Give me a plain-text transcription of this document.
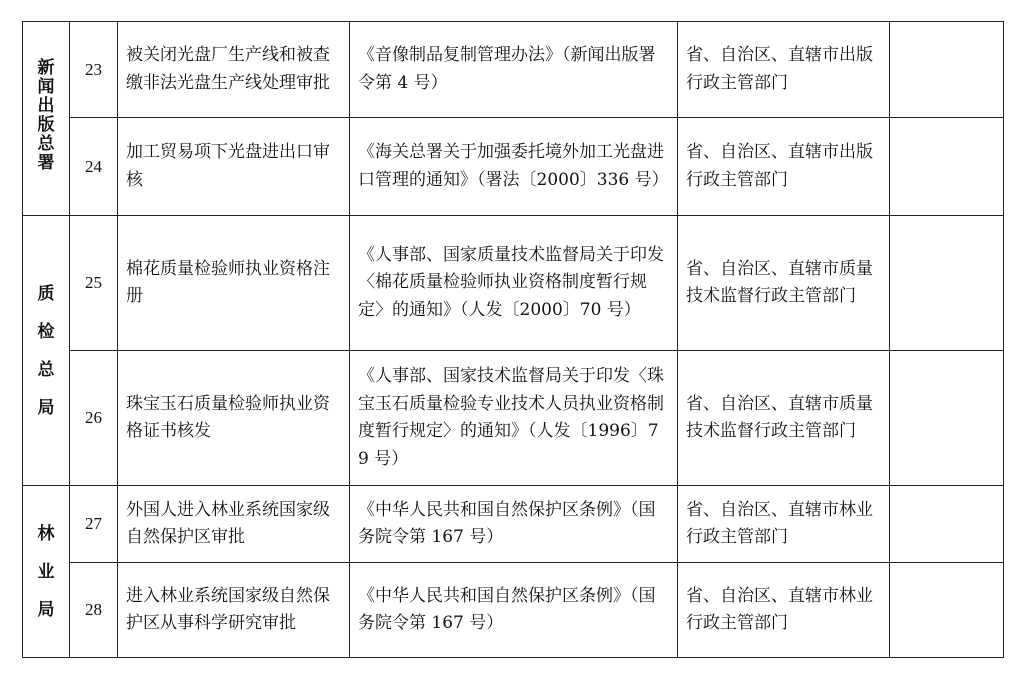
新闻出版总署	23	被关闭光盘厂生产线和被查缴非法光盘生产线处理审批	《音像制品复制管理办法》（新闻出版署令第 4 号）	省、自治区、直辖市出版行政主管部门	
	24	加工贸易项下光盘进出口审核	《海关总署关于加强委托境外加工光盘进口管理的通知》（署法〔2000〕336 号）	省、自治区、直辖市出版行政主管部门	
质检总局	25	棉花质量检验师执业资格注册	《人事部、国家质量技术监督局关于印发〈棉花质量检验师执业资格制度暂行规定〉的通知》（人发〔2000〕70 号）	省、自治区、直辖市质量技术监督行政主管部门	
	26	珠宝玉石质量检验师执业资格证书核发	《人事部、国家技术监督局关于印发〈珠宝玉石质量检验专业技术人员执业资格制度暂行规定〉的通知》（人发〔1996〕79 号）	省、自治区、直辖市质量技术监督行政主管部门	
林业局	27	外国人进入林业系统国家级自然保护区审批	《中华人民共和国自然保护区条例》（国务院令第 167 号）	省、自治区、直辖市林业行政主管部门	
	28	进入林业系统国家级自然保护区从事科学研究审批	《中华人民共和国自然保护区条例》（国务院令第 167 号）	省、自治区、直辖市林业行政主管部门	
